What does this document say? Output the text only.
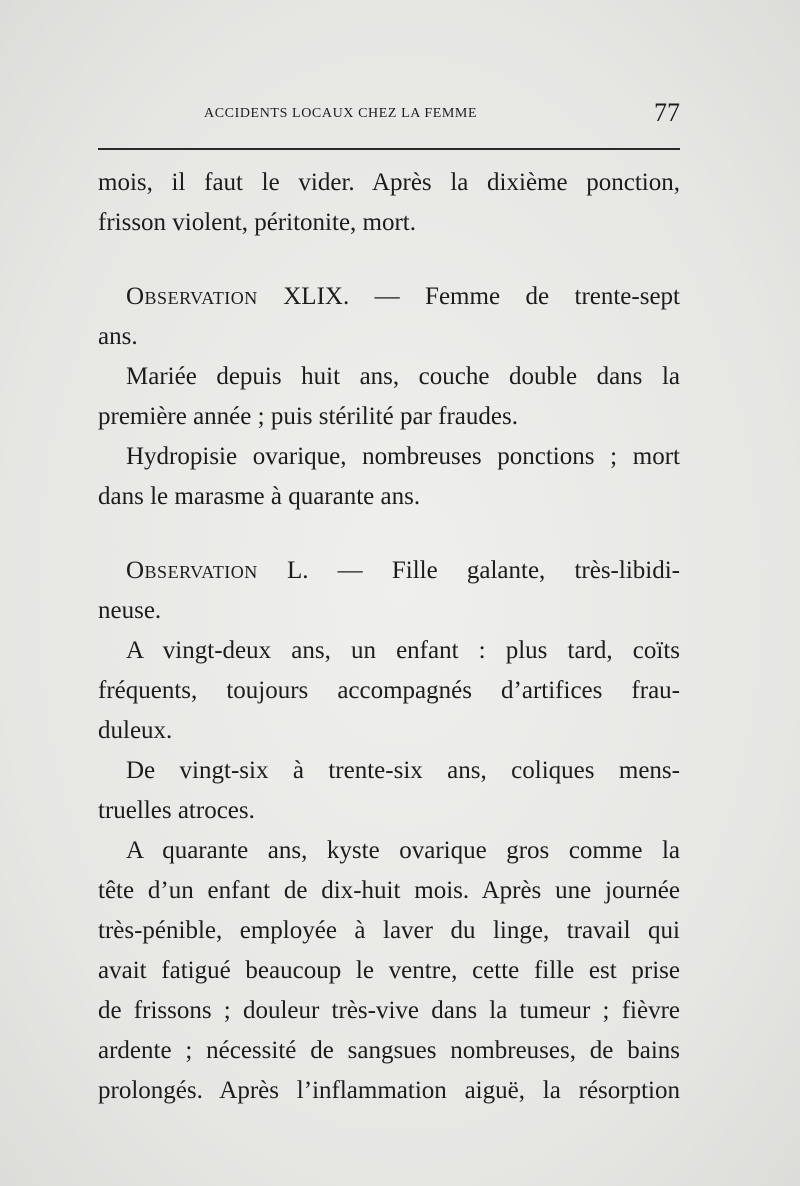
ACCIDENTS LOCAUX CHEZ LA FEMME	77
mois, il faut le vider. Après la dixième ponction,
frisson violent, péritonite, mort.
Observation XLIX. — Femme de trente-sept
ans.
Mariée depuis huit ans, couche double dans la
première année ; puis stérilité par fraudes.
Hydropisie ovarique, nombreuses ponctions ; mort
dans le marasme à quarante ans.
Observation L. — Fille galante, très-libidi-
neuse.
A vingt-deux ans, un enfant : plus tard, coïts
fréquents, toujours accompagnés d’artifices frau-
duleux.
De vingt-six à trente-six ans, coliques mens-
truelles atroces.
A quarante ans, kyste ovarique gros comme la
tête d’un enfant de dix-huit mois. Après une journée
très-pénible, employée à laver du linge, travail qui
avait fatigué beaucoup le ventre, cette fille est prise
de frissons ; douleur très-vive dans la tumeur ; fièvre
ardente ; nécessité de sangsues nombreuses, de bains
prolongés. Après l’inflammation aiguë, la résorption
